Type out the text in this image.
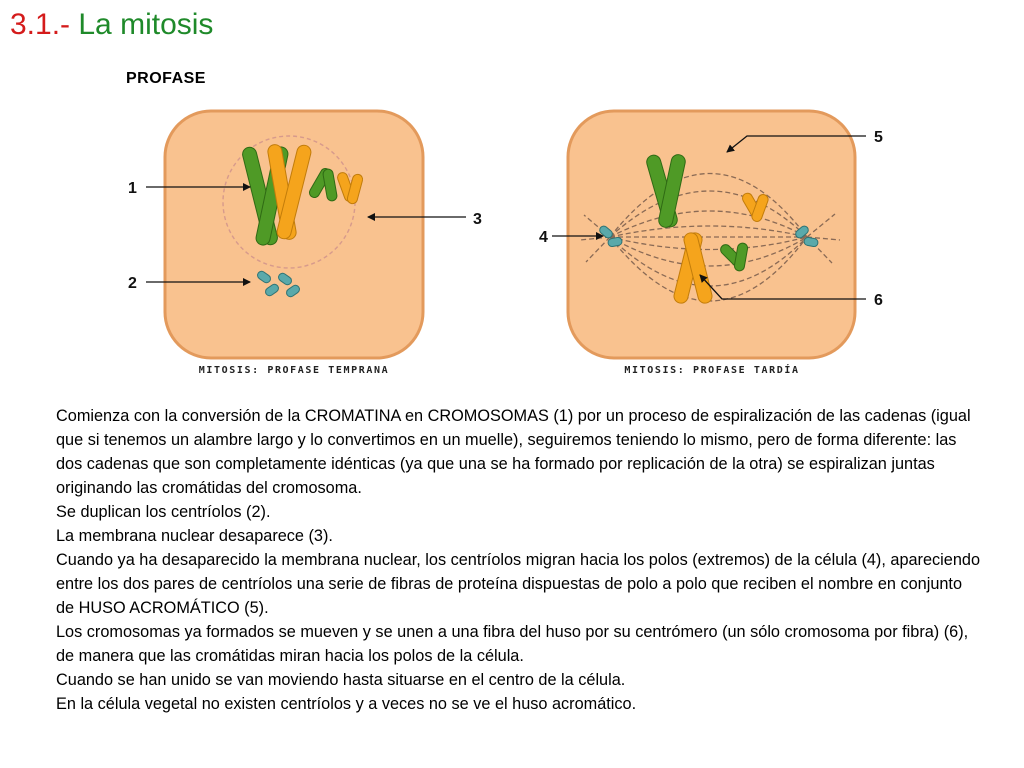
3.1.- La mitosis
PROFASE
MITOSIS: PROFASE TEMPRANA	MITOSIS: PROFASE TARDÍA
1
2
3
4
5
6

Comienza con la conversión de la CROMATINA en CROMOSOMAS (1) por un proceso de espiralización de las cadenas (igual que si tenemos un alambre largo y lo convertimos en un muelle), seguiremos teniendo lo mismo, pero de forma diferente: las dos cadenas que son completamente idénticas (ya que una se ha formado por replicación de la otra) se espiralizan juntas originando las cromátidas del cromosoma.

Se duplican los centríolos (2).

La membrana nuclear desaparece (3).

Cuando ya ha desaparecido la membrana nuclear, los centríolos migran hacia los polos (extremos) de la célula (4), apareciendo entre los dos pares de centríolos una serie de fibras de proteína dispuestas de polo a polo que reciben el nombre en conjunto de HUSO ACROMÁTICO (5).

Los cromosomas ya formados se mueven y se unen a una fibra del huso por su centrómero (un sólo cromosoma por fibra) (6), de manera que las cromátidas miran hacia los polos de la célula.

Cuando se han unido se van moviendo hasta situarse en el centro de la célula.

En la célula vegetal no existen centríolos y a veces no se ve el huso acromático.
